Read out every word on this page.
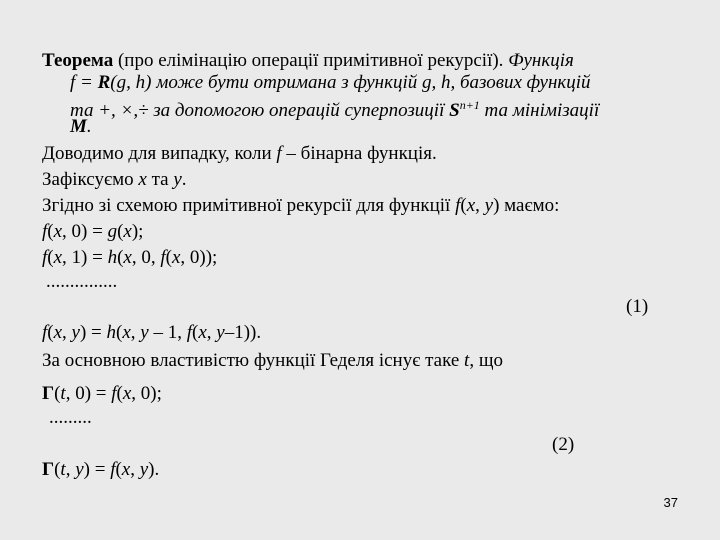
Теорема (про елімінацію операції примітивної рекурсії). Функція
f = R(g, h) може бути отримана з функцій g, h, базових функцій
та +, ×,÷ за допомогою операцій суперпозиції $S^{n+1}$ та мінімізації
M.
Доводимо для випадку, коли f – бінарна функція.
Зафіксуємо x та y.
Згідно зі схемою примітивної рекурсії для функції f(x, y) маємо:
f(x, 0) = g(x);
f(x, 1) = h(x, 0, f(x, 0));
...............
(1)
f(x, y) = h(x, y – 1, f(x, y–1)).
За основною властивістю функції Геделя існує таке t, що
Γ(t, 0) = f(x, 0);
.........
(2)
Γ(t, y) = f(x, y).
37
